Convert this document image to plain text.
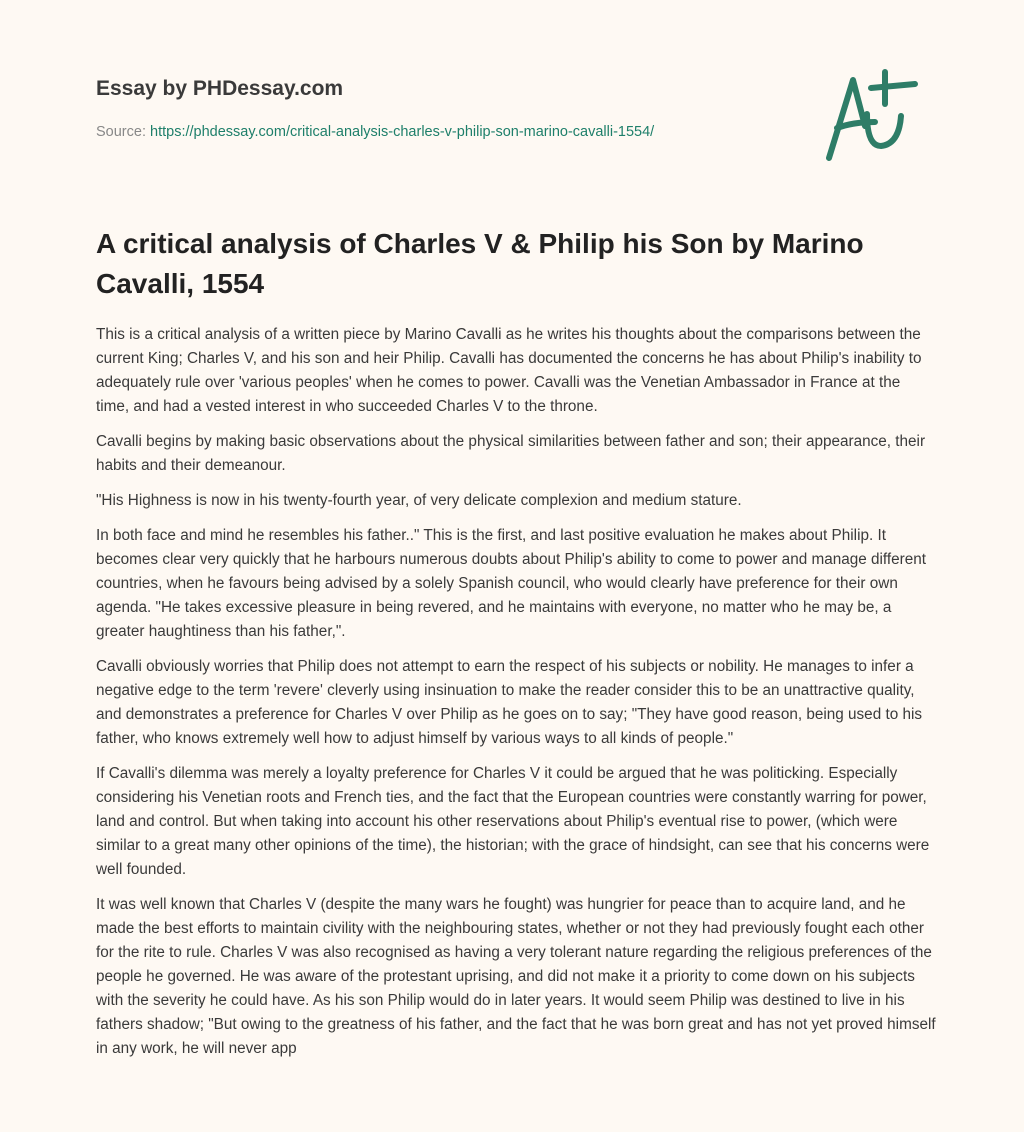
Essay by PHDessay.com
Source: https://phdessay.com/critical-analysis-charles-v-philip-son-marino-cavalli-1554/
A critical analysis of Charles V & Philip his Son by Marino Cavalli, 1554

This is a critical analysis of a written piece by Marino Cavalli as he writes his thoughts about the comparisons between the current King; Charles V, and his son and heir Philip. Cavalli has documented the concerns he has about Philip's inability to adequately rule over 'various peoples' when he comes to power. Cavalli was the Venetian Ambassador in France at the time, and had a vested interest in who succeeded Charles V to the throne.

Cavalli begins by making basic observations about the physical similarities between father and son; their appearance, their habits and their demeanour.

"His Highness is now in his twenty-fourth year, of very delicate complexion and medium stature.

In both face and mind he resembles his father.." This is the first, and last positive evaluation he makes about Philip. It becomes clear very quickly that he harbours numerous doubts about Philip's ability to come to power and manage different countries, when he favours being advised by a solely Spanish council, who would clearly have preference for their own agenda. "He takes excessive pleasure in being revered, and he maintains with everyone, no matter who he may be, a greater haughtiness than his father,".

Cavalli obviously worries that Philip does not attempt to earn the respect of his subjects or nobility. He manages to infer a negative edge to the term 'revere' cleverly using insinuation to make the reader consider this to be an unattractive quality, and demonstrates a preference for Charles V over Philip as he goes on to say; "They have good reason, being used to his father, who knows extremely well how to adjust himself by various ways to all kinds of people."

If Cavalli's dilemma was merely a loyalty preference for Charles V it could be argued that he was politicking. Especially considering his Venetian roots and French ties, and the fact that the European countries were constantly warring for power, land and control. But when taking into account his other reservations about Philip's eventual rise to power, (which were similar to a great many other opinions of the time), the historian; with the grace of hindsight, can see that his concerns were well founded.

It was well known that Charles V (despite the many wars he fought) was hungrier for peace than to acquire land, and he made the best efforts to maintain civility with the neighbouring states, whether or not they had previously fought each other for the rite to rule. Charles V was also recognised as having a very tolerant nature regarding the religious preferences of the people he governed. He was aware of the protestant uprising, and did not make it a priority to come down on his subjects with the severity he could have. As his son Philip would do in later years. It would seem Philip was destined to live in his fathers shadow; "But owing to the greatness of his father, and the fact that he was born great and has not yet proved himself in any work, he will never app
